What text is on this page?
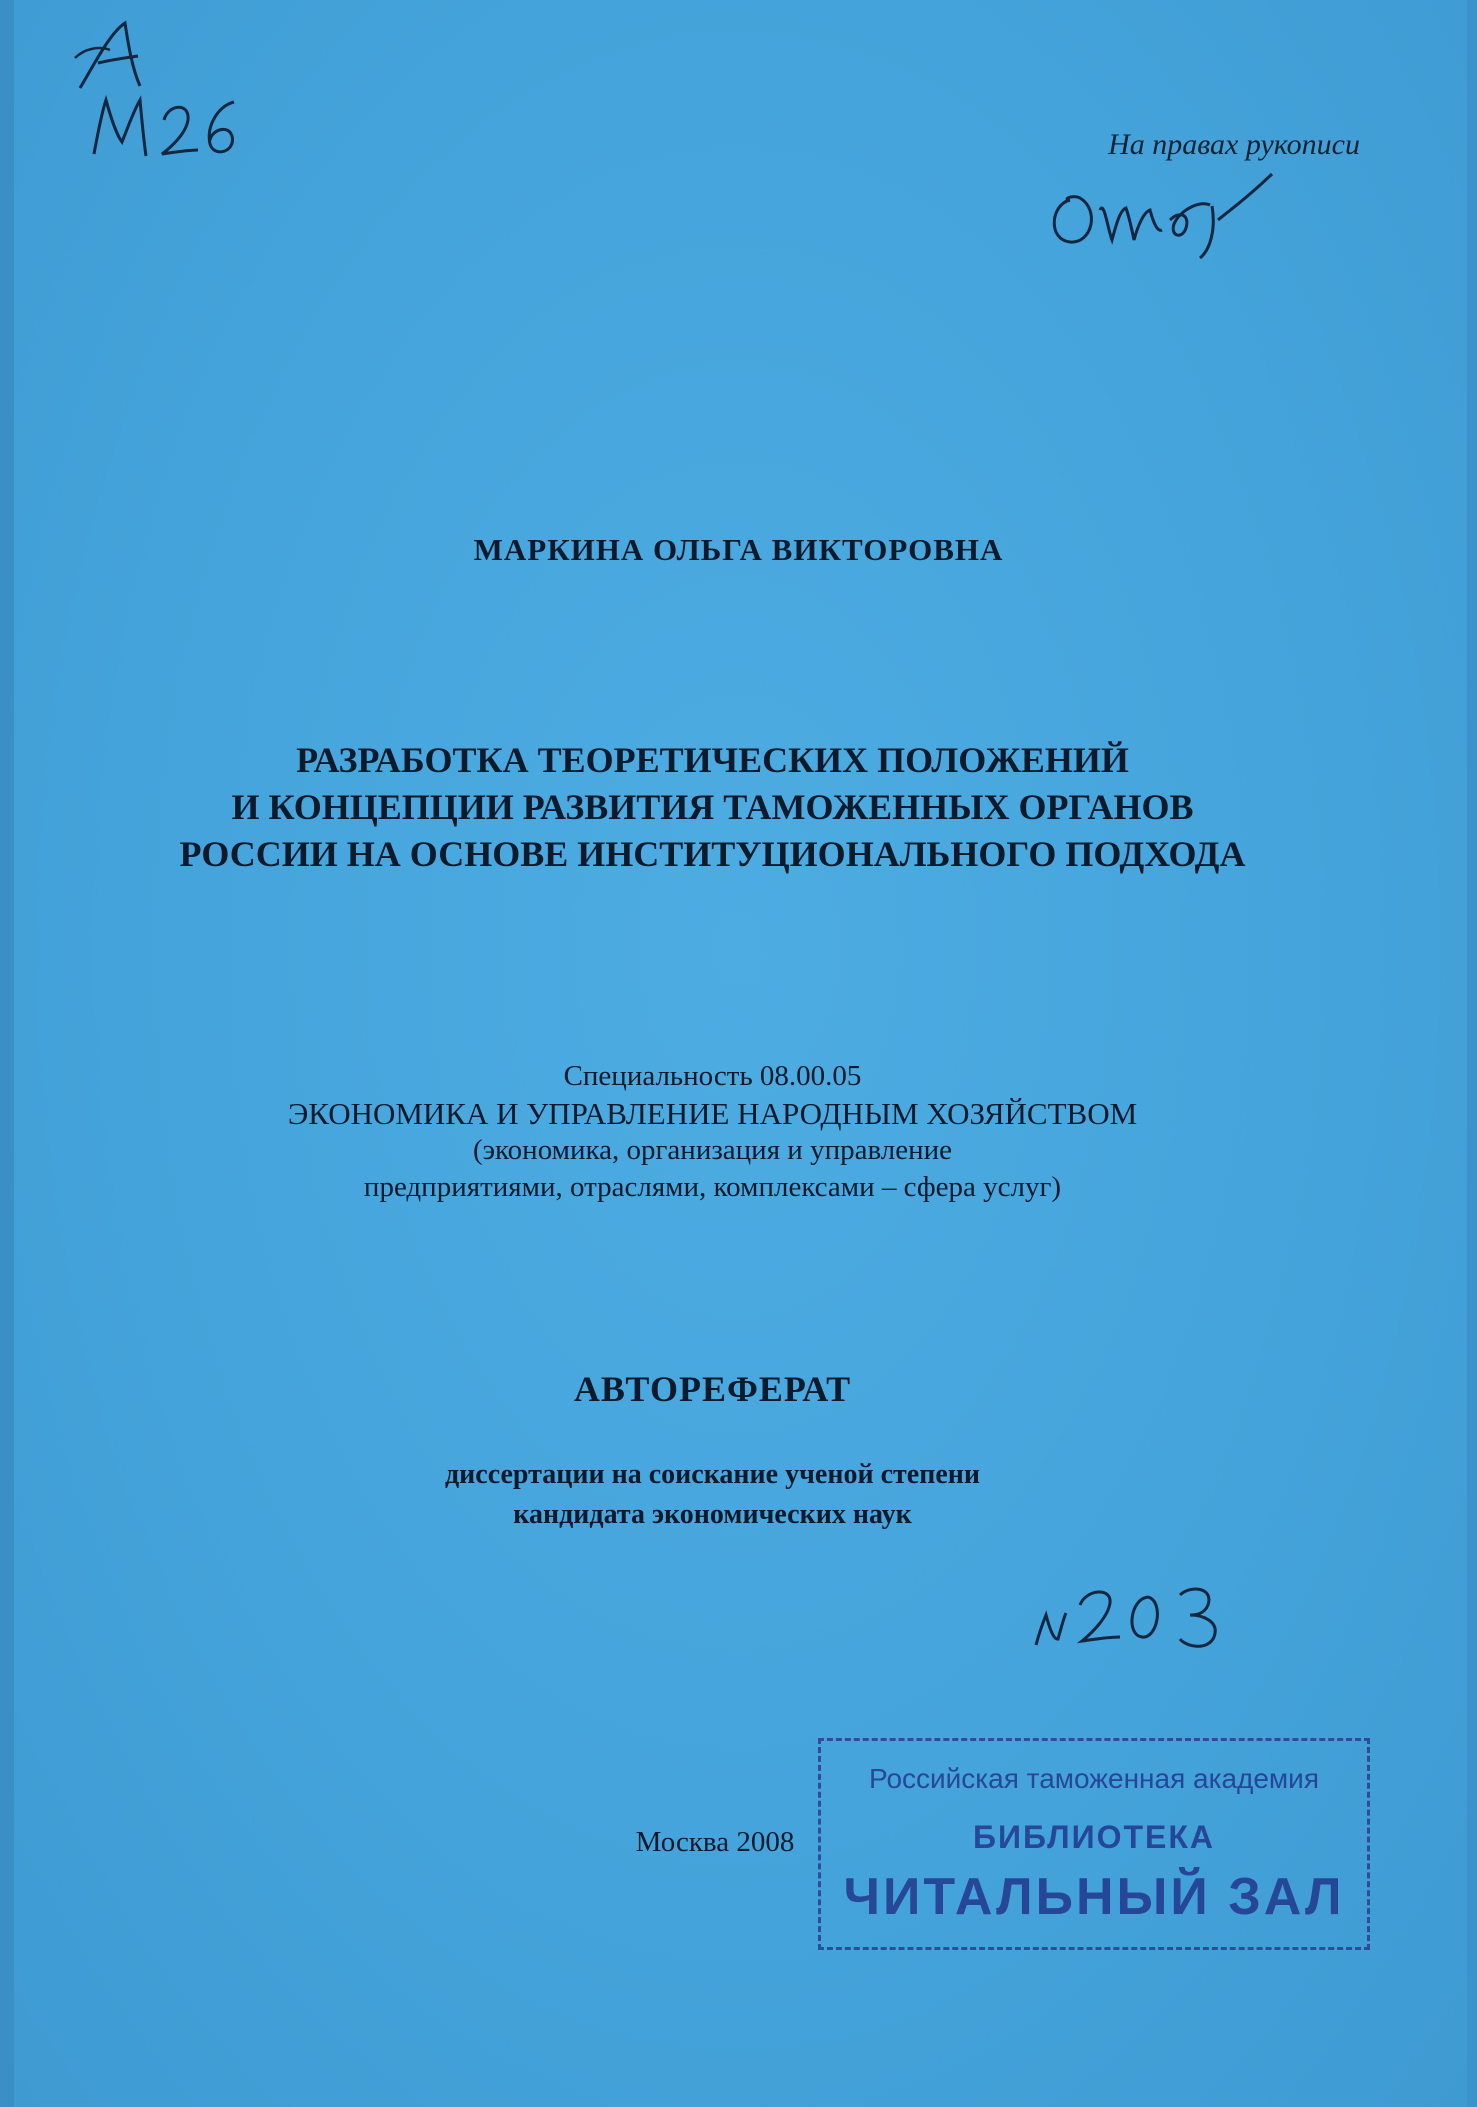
На правах рукописи
МАРКИНА ОЛЬГА ВИКТОРОВНА
РАЗРАБОТКА ТЕОРЕТИЧЕСКИХ ПОЛОЖЕНИЙ
И КОНЦЕПЦИИ РАЗВИТИЯ ТАМОЖЕННЫХ ОРГАНОВ
РОССИИ НА ОСНОВЕ ИНСТИТУЦИОНАЛЬНОГО ПОДХОДА
Специальность 08.00.05
ЭКОНОМИКА И УПРАВЛЕНИЕ НАРОДНЫМ ХОЗЯЙСТВОМ
(экономика, организация и управление
предприятиями, отраслями, комплексами – сфера услуг)
АВТОРЕФЕРАТ
диссертации на соискание ученой степени
кандидата экономических наук
Москва 2008
Российская таможенная академия
БИБЛИОТЕКА
ЧИТАЛЬНЫЙ ЗАЛ
